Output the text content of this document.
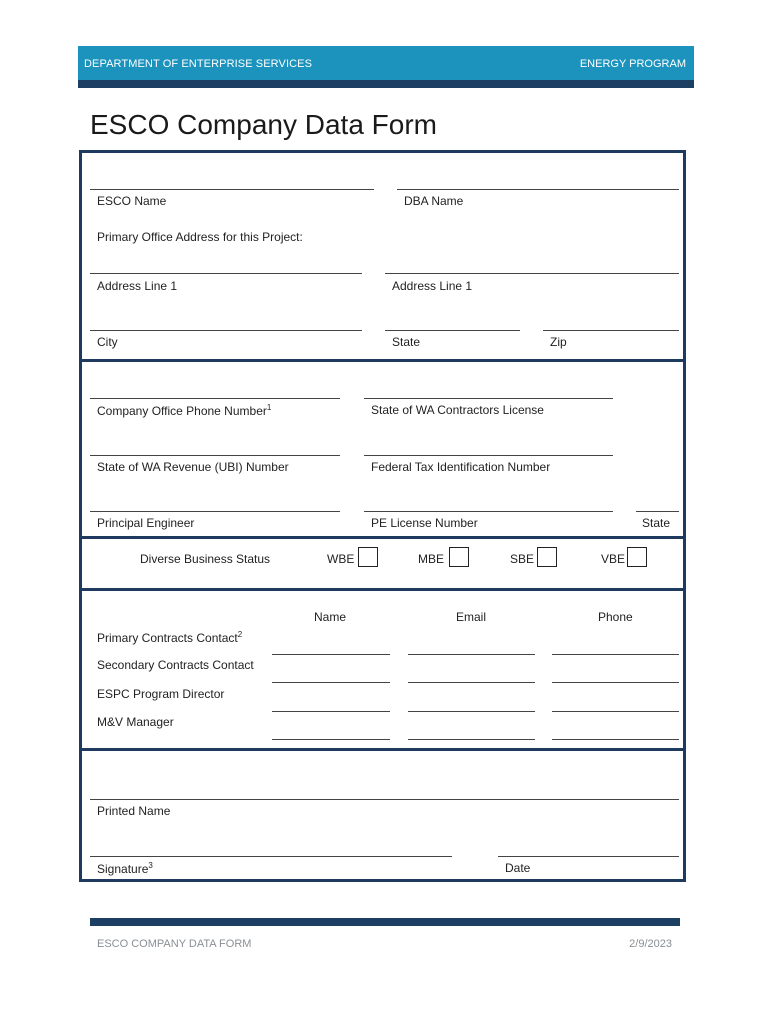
DEPARTMENT OF ENTERPRISE SERVICES	ENERGY PROGRAM
ESCO Company Data Form
ESCO Name	DBA Name
Primary Office Address for this Project:
Address Line 1	Address Line 1
City	State	Zip
Company Office Phone Number$^1$	State of WA Contractors License
State of WA Revenue (UBI) Number	Federal Tax Identification Number
Principal Engineer	PE License Number	State
Diverse Business Status	WBE	MBE	SBE	VBE
Name	Email	Phone
Primary Contracts Contact$^2$
Secondary Contracts Contact
ESPC Program Director
M&V Manager
Printed Name
Signature$^3$	Date
ESCO COMPANY DATA FORM	2/9/2023
